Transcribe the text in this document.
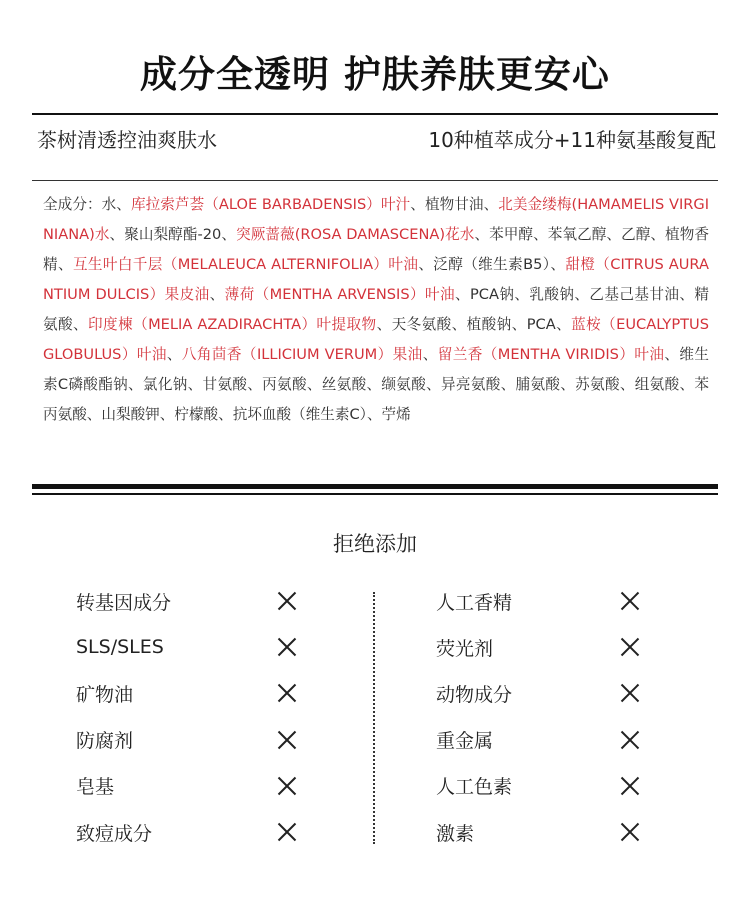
成分全透明 护肤养肤更安心
茶树清透控油爽肤水	10种植萃成分+11种氨基酸复配
全成分：水、库拉索芦荟（ALOE BARBADENSIS）叶汁、植物甘油、北美金缕梅(HAMAMELIS VIRGINIANA)水、聚山梨醇酯-20、突厥蔷薇(ROSA DAMASCENA)花水、苯甲醇、苯氧乙醇、乙醇、植物香精、互生叶白千层（MELALEUCA ALTERNIFOLIA）叶油、泛醇（维生素B5）、甜橙（CITRUS AURANTIUM DULCIS）果皮油、薄荷（MENTHA ARVENSIS）叶油、PCA钠、乳酸钠、乙基己基甘油、精氨酸、印度楝（MELIA AZADIRACHTA）叶提取物、天冬氨酸、植酸钠、PCA、蓝桉（EUCALYPTUS GLOBULUS）叶油、八角茴香（ILLICIUM VERUM）果油、留兰香（MENTHA VIRIDIS）叶油、维生素C磷酸酯钠、氯化钠、甘氨酸、丙氨酸、丝氨酸、缬氨酸、异亮氨酸、脯氨酸、苏氨酸、组氨酸、苯丙氨酸、山梨酸钾、柠檬酸、抗坏血酸（维生素C）、苧烯
拒绝添加
转基因成分
SLS/SLES
矿物油
防腐剂
皂基
致痘成分
人工香精
荧光剂
动物成分
重金属
人工色素
激素
